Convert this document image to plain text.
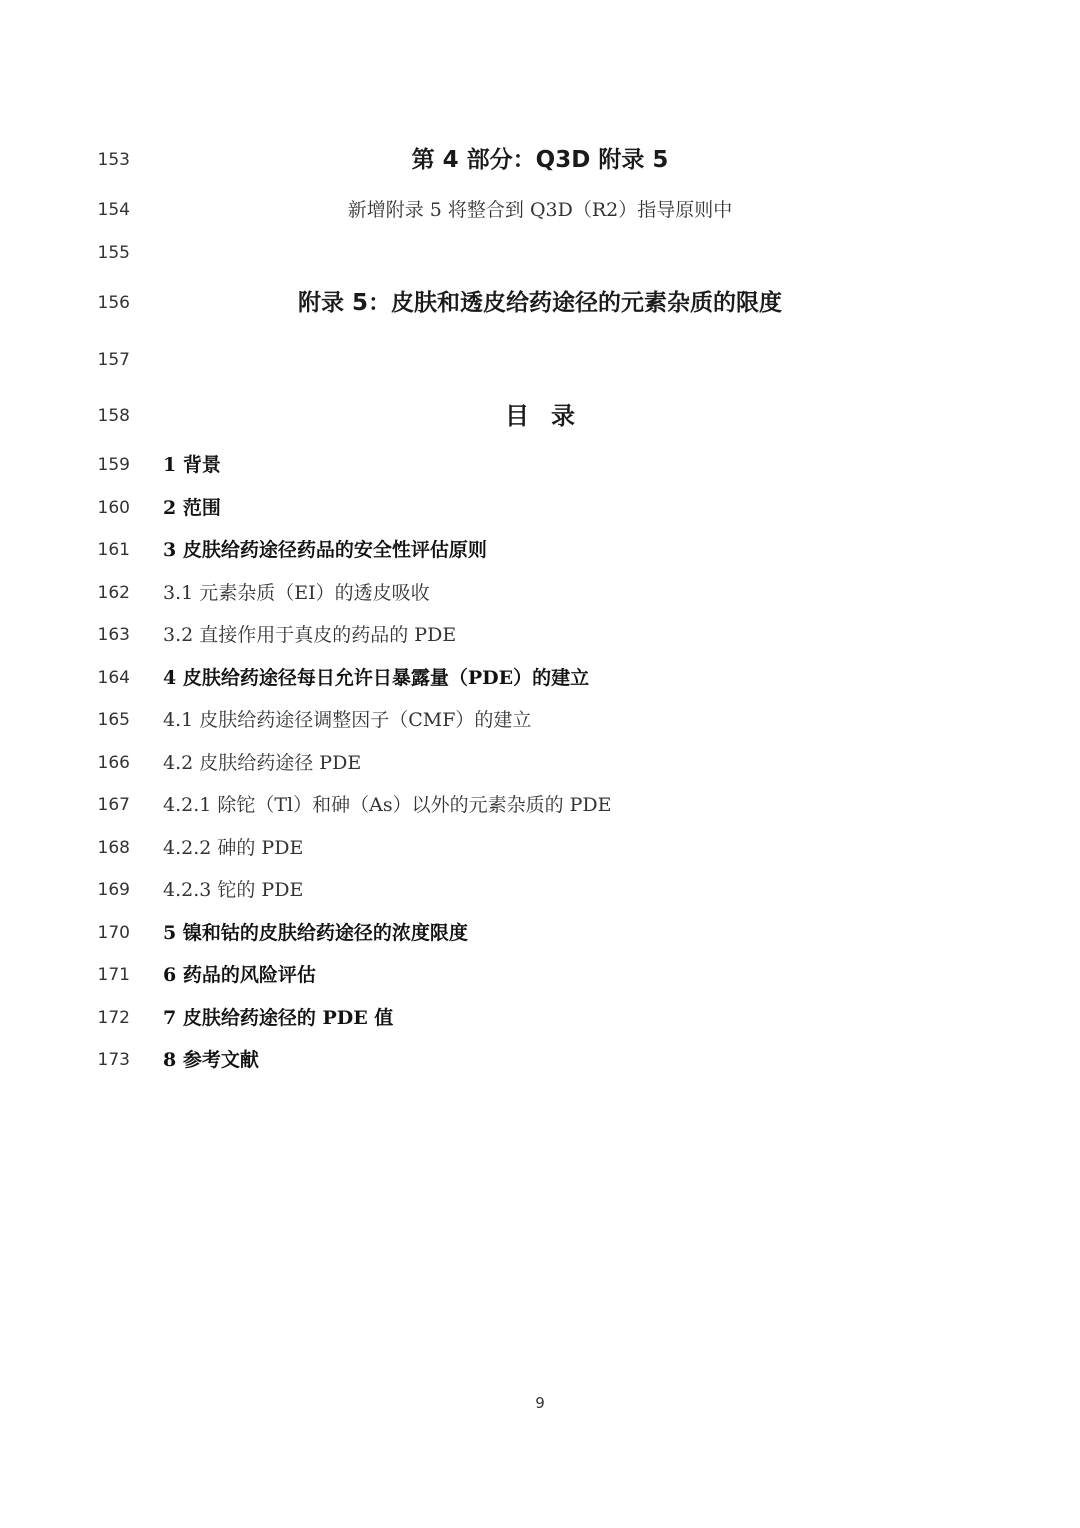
153	第 4 部分：Q3D 附录 5
154	新增附录 5 将整合到 Q3D（R2）指导原则中
155
156	附录 5：皮肤和透皮给药途径的元素杂质的限度
157
158	目录
159 1 背景
160 2 范围
161 3 皮肤给药途径药品的安全性评估原则
162 3.1 元素杂质（EI）的透皮吸收
163 3.2 直接作用于真皮的药品的 PDE
164 4 皮肤给药途径每日允许日暴露量（PDE）的建立
165 4.1 皮肤给药途径调整因子（CMF）的建立
166 4.2 皮肤给药途径 PDE
167 4.2.1 除铊（Tl）和砷（As）以外的元素杂质的 PDE
168 4.2.2 砷的 PDE
169 4.2.3 铊的 PDE
170 5 镍和钴的皮肤给药途径的浓度限度
171 6 药品的风险评估
172 7 皮肤给药途径的 PDE 值
173 8 参考文献
9
